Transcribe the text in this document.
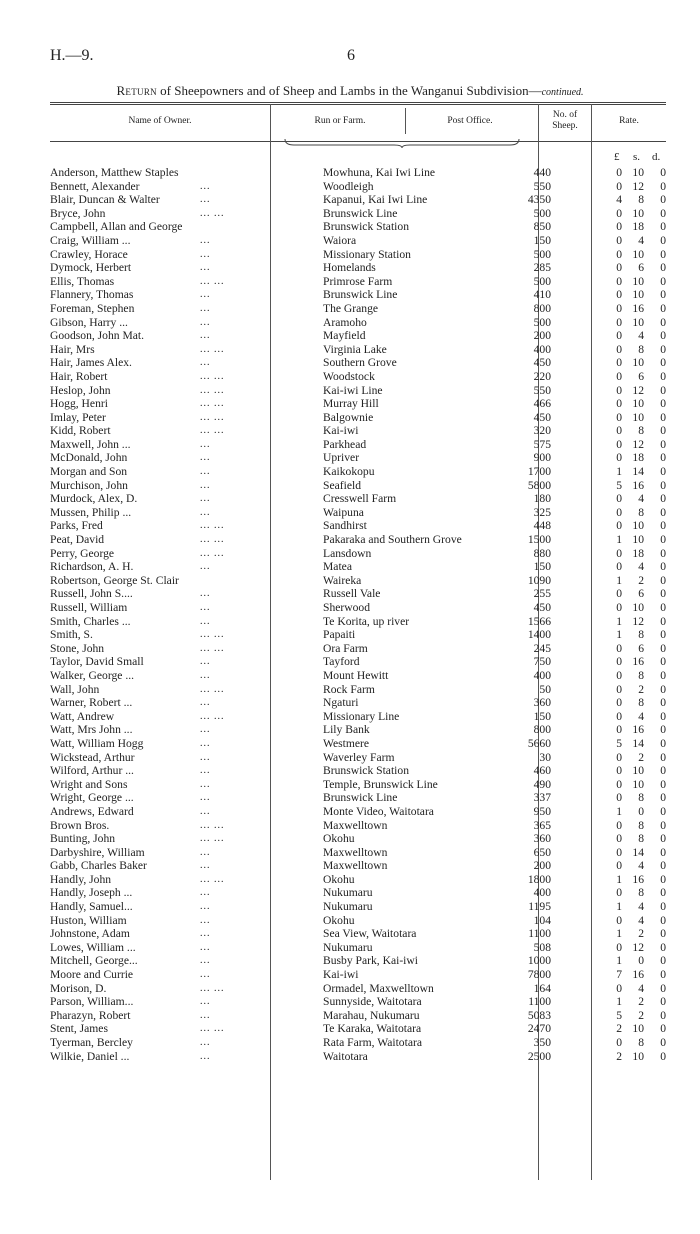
H.—9.	6
Return of Sheepowners and of Sheep and Lambs in the Wanganui Subdivision—continued.
Name of Owner.	Run or Farm.	Post Office.
No. of
Sheep.	Rate.
£ s. d.
Anderson, Matthew Staples	Mowhuna, Kai Iwi Line	440	0 10	0
Bennett, Alexander	...	Woodleigh	550	0 12	0
Blair, Duncan & Walter	...	Kapanui, Kai Iwi Line	4350	4	8	0
Bryce, John	... ...	Brunswick Line	500	0 10	0
Campbell, Allan and George	Brunswick Station	850	0 18	0
Craig, William ...	...	Waiora	150	0	4	0
Crawley, Horace	...	Missionary Station	500	0 10	0
Dymock, Herbert	...	Homelands	285	0	6	0
Ellis, Thomas	... ...	Primrose Farm	500	0 10	0
Flannery, Thomas	...	Brunswick Line	410	0 10	0
Foreman, Stephen	...	The Grange	800	0 16	0
Gibson, Harry ...	...	Aramoho	500	0 10	0
Goodson, John Mat.	...	Mayfield	200	0	4	0
Hair, Mrs	... ...	Virginia Lake	400	0	8	0
Hair, James Alex.	...	Southern Grove	450	0 10	0
Hair, Robert	... ...	Woodstock	220	0	6	0
Heslop, John	... ...	Kai-iwi Line	550	0 12	0
Hogg, Henri	... ...	Murray Hill	466	0 10	0
Imlay, Peter	... ...	Balgownie	450	0 10	0
Kidd, Robert	... ...	Kai-iwi	320	0	8	0
Maxwell, John ...	...	Parkhead	575	0 12	0
McDonald, John	...	Upriver	900	0 18	0
Morgan and Son	...	Kaikokopu	1700	1 14	0
Murchison, John	...	Seafield	5800	5 16	0
Murdock, Alex, D.	...	Cresswell Farm	180	0	4	0
Mussen, Philip ...	...	Waipuna	325	0	8	0
Parks, Fred	... ...	Sandhirst	448	0 10	0
Peat, David	... ...	Pakaraka and Southern Grove	1500	1 10	0
Perry, George	... ...	Lansdown	880	0 18	0
Richardson, A. H.	...	Matea	150	0	4	0
Robertson, George St. Clair	Waireka	1090	1	2	0
Russell, John S....	...	Russell Vale	255	0	6	0
Russell, William	...	Sherwood	450	0 10	0
Smith, Charles ...	...	Te Korita, up river	1566	1 12	0
Smith, S.	... ...	Papaiti	1400	1	8	0
Stone, John	... ...	Ora Farm	245	0	6	0
Taylor, David Small	...	Tayford	750	0 16	0
Walker, George ...	...	Mount Hewitt	400	0	8	0
Wall, John	... ...	Rock Farm	50	0	2	0
Warner, Robert ...	...	Ngaturi	360	0	8	0
Watt, Andrew	... ...	Missionary Line	150	0	4	0
Watt, Mrs John ...	...	Lily Bank	800	0 16	0
Watt, William Hogg	...	Westmere	5660	5 14	0
Wickstead, Arthur	...	Waverley Farm	30	0	2	0
Wilford, Arthur ...	...	Brunswick Station	460	0 10	0
Wright and Sons	...	Temple, Brunswick Line	490	0 10	0
Wright, George ...	...	Brunswick Line	337	0	8	0
Andrews, Edward	...	Monte Video, Waitotara	950	1	0	0
Brown Bros.	... ...	Maxwelltown	365	0	8	0
Bunting, John	... ...	Okohu	360	0	8	0
Darbyshire, William	...	Maxwelltown	650	0 14	0
Gabb, Charles Baker	...	Maxwelltown	200	0	4	0
Handly, John	... ...	Okohu	1800	1 16	0
Handly, Joseph ...	...	Nukumaru	400	0	8	0
Handly, Samuel...	...	Nukumaru	1195	1	4	0
Huston, William	...	Okohu	104	0	4	0
Johnstone, Adam	...	Sea View, Waitotara	1100	1	2	0
Lowes, William ...	...	Nukumaru	508	0 12	0
Mitchell, George...	...	Busby Park, Kai-iwi	1000	1	0	0
Moore and Currie	...	Kai-iwi	7800	7 16	0
Morison, D.	... ...	Ormadel, Maxwelltown	164	0	4	0
Parson, William...	...	Sunnyside, Waitotara	1100	1	2	0
Pharazyn, Robert	...	Marahau, Nukumaru	5083	5	2	0
Stent, James	... ...	Te Karaka, Waitotara	2470	2 10	0
Tyerman, Bercley	...	Rata Farm, Waitotara	350	0	8	0
Wilkie, Daniel ...	...	Waitotara	2500	2 10	0
